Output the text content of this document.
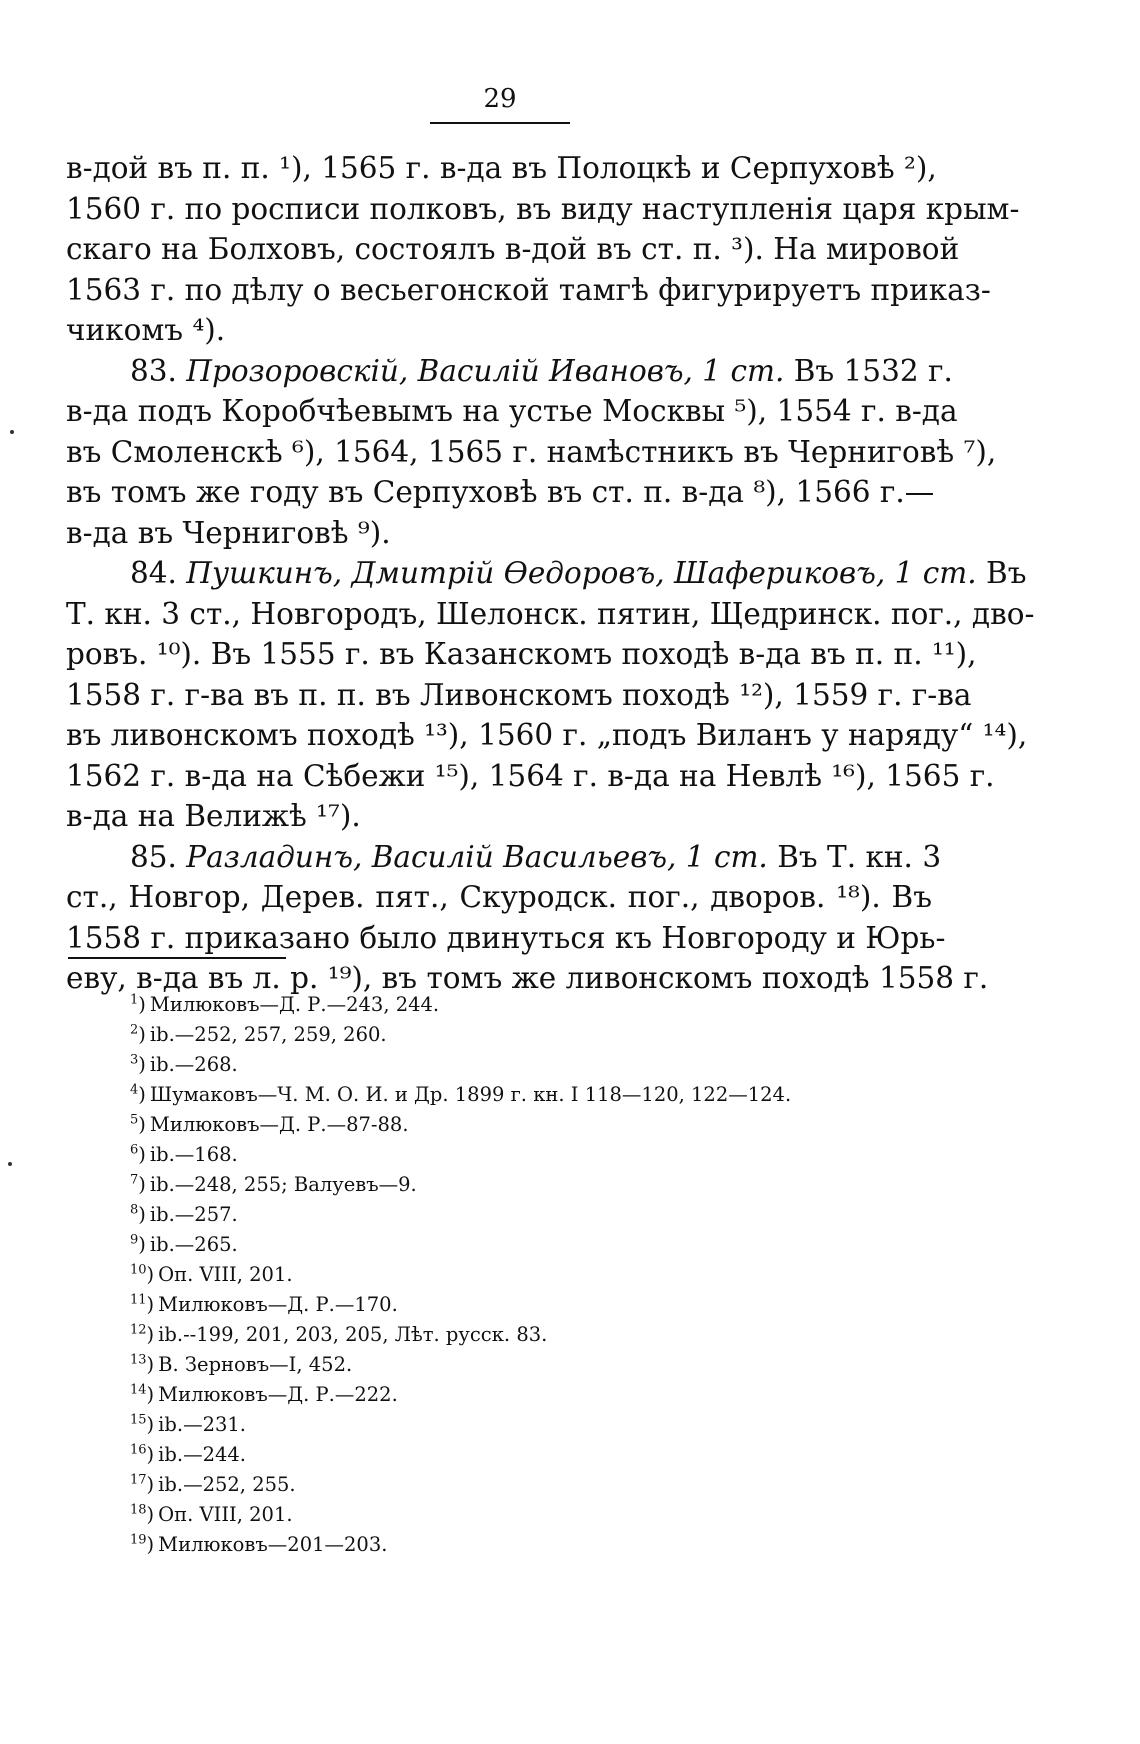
29
в-дой въ п. п. ¹), 1565 г. в-да въ Полоцкѣ и Серпуховѣ ²),
1560 г. по росписи полковъ, въ виду наступленія царя крым-
скаго на Болховъ, состоялъ в-дой въ ст. п. ³). На мировой
1563 г. по дѣлу о весьегонской тамгѣ фигурируетъ приказ-
чикомъ ⁴).
83. Прозоровскій, Василій Ивановъ, 1 ст. Въ 1532 г.
в-да подъ Коробчѣевымъ на устье Москвы ⁵), 1554 г. в-да
въ Смоленскѣ ⁶), 1564, 1565 г. намѣстникъ въ Черниговѣ ⁷),
въ томъ же году въ Серпуховѣ въ ст. п. в-да ⁸), 1566 г.—
в-да въ Черниговѣ ⁹).
84. Пушкинъ, Дмитрій Ѳедоровъ, Шафериковъ, 1 ст. Въ
Т. кн. 3 ст., Новгородъ, Шелонск. пятин, Щедринск. пог., дво-
ровъ. ¹⁰). Въ 1555 г. въ Казанскомъ походѣ в-да въ п. п. ¹¹),
1558 г. г-ва въ п. п. въ Ливонскомъ походѣ ¹²), 1559 г. г-ва
въ ливонскомъ походѣ ¹³), 1560 г. „подъ Виланъ у наряду“ ¹⁴),
1562 г. в-да на Сѣбежи ¹⁵), 1564 г. в-да на Невлѣ ¹⁶), 1565 г.
в-да на Велижѣ ¹⁷).
85. Разладинъ, Василій Васильевъ, 1 ст. Въ Т. кн. 3
ст., Новгор, Дерев. пят., Скуродск. пог., дворов. ¹⁸). Въ
1558 г. приказано было двинуться къ Новгороду и Юрь-
еву, в-да въ л. р. ¹⁹), въ томъ же ливонскомъ походѣ 1558 г.
$^1$) Милюковъ—Д. Р.—243, 244.
$^2$) ib.—252, 257, 259, 260.
$^3$) ib.—268.
$^4$) Шумаковъ—Ч. М. О. И. и Др. 1899 г. кн. I 118—120, 122—124.
$^5$) Милюковъ—Д. Р.—87-88.
$^6$) ib.—168.
$^7$) ib.—248, 255; Валуевъ—9.
$^8$) ib.—257.
$^9$) ib.—265.
$^{10}$) Оп. VIII, 201.
$^{11}$) Милюковъ—Д. Р.—170.
$^{12}$) ib.--199, 201, 203, 205, Лѣт. русск. 83.
$^{13}$) В. Зерновъ—I, 452.
$^{14}$) Милюковъ—Д. Р.—222.
$^{15}$) ib.—231.
$^{16}$) ib.—244.
$^{17}$) ib.—252, 255.
$^{18}$) Оп. VIII, 201.
$^{19}$) Милюковъ—201—203.
